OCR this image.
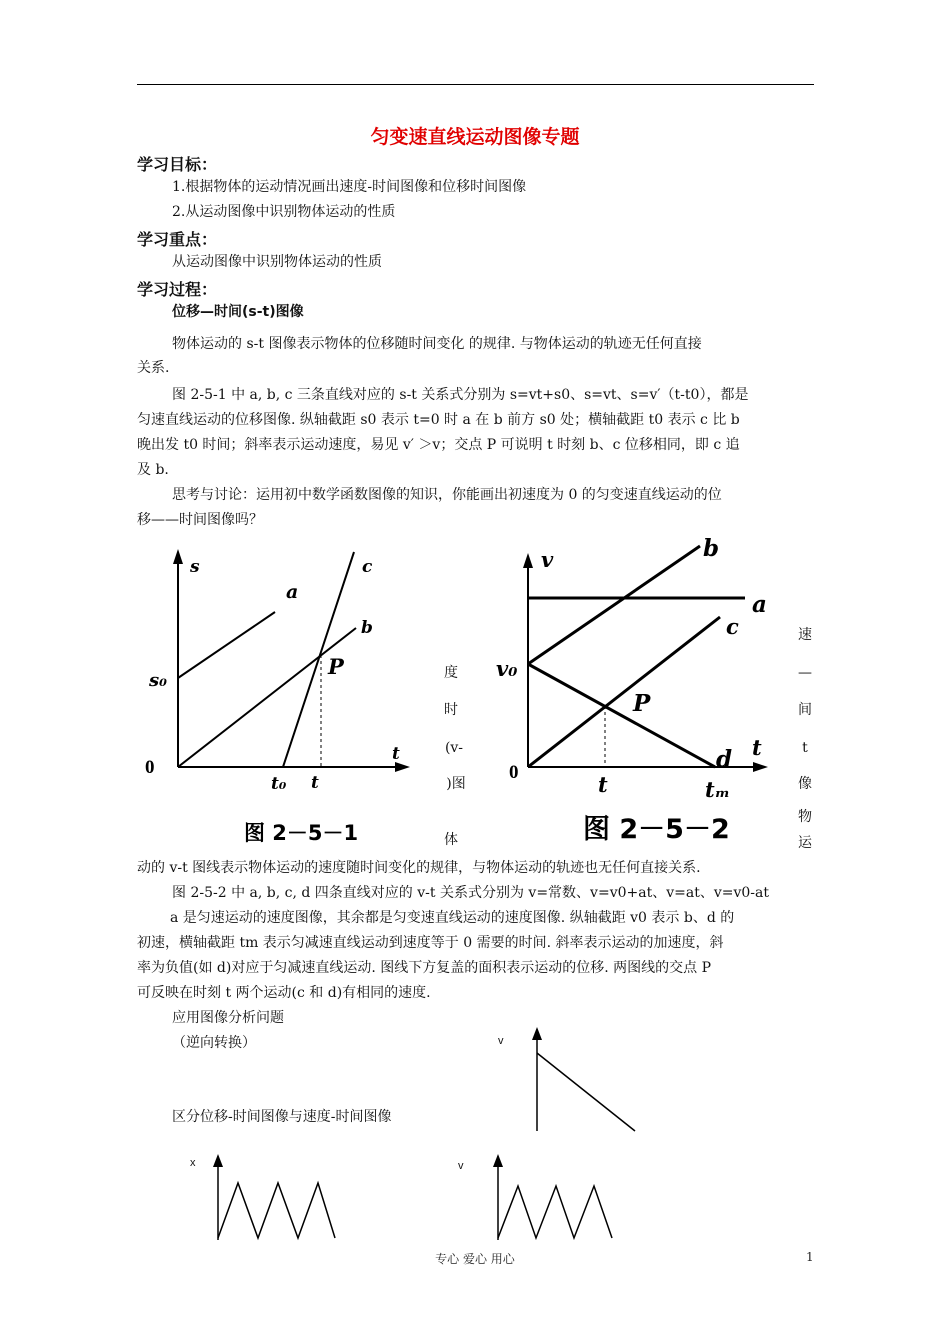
匀变速直线运动图像专题
学习目标：
1.根据物体的运动情况画出速度-时间图像和位移时间图像
2.从运动图像中识别物体运动的性质
学习重点：
从运动图像中识别物体运动的性质
学习过程：
位移—时间(s-t)图像
物体运动的 s-t 图像表示物体的位移随时间变化 的规律. 与物体运动的轨迹无任何直接
关系.
图 2-5-1 中 a, b, c 三条直线对应的 s-t 关系式分别为 s=vt+s0、s=vt、s=v′（t-t0），都是
匀速直线运动的位移图像. 纵轴截距 s0 表示 t=0 时 a 在 b 前方 s0 处；横轴截距 t0 表示 c 比 b
晚出发 t0 时间；斜率表示运动速度，易见 v′ ＞v；交点 P 可说明 t 时刻 b、c 位移相同，即 c 追
及 b.
思考与讨论：运用初中数学函数图像的知识，你能画出初速度为 0 的匀变速直线运动的位
移——时间图像吗？
s
a
c
b
s₀
P
0
t
t₀ t
图 2－5－1
v	b
a
c
v₀
P
0	d t
t	tₘ
图 2－5－2
度
时
(v-
)图
体
速
—
间
t
像
物
运
动的 v-t 图线表示物体运动的速度随时间变化的规律，与物体运动的轨迹也无任何直接关系.
图 2-5-2 中 a, b, c, d 四条直线对应的 v-t 关系式分别为 v=常数、v=v0+at、v=at、v=v0-at
a 是匀速运动的速度图像，其余都是匀变速直线运动的速度图像. 纵轴截距 v0 表示 b、d 的
初速，横轴截距 tm 表示匀减速直线运动到速度等于 0 需要的时间. 斜率表示运动的加速度，斜
率为负值(如 d)对应于匀减速直线运动. 图线下方复盖的面积表示运动的位移. 两图线的交点 P
可反映在时刻 t 两个运动(c 和 d)有相同的速度.
应用图像分析问题
（逆向转换）
区分位移-时间图像与速度-时间图像
v
x	v
专心 爱心 用心	1
